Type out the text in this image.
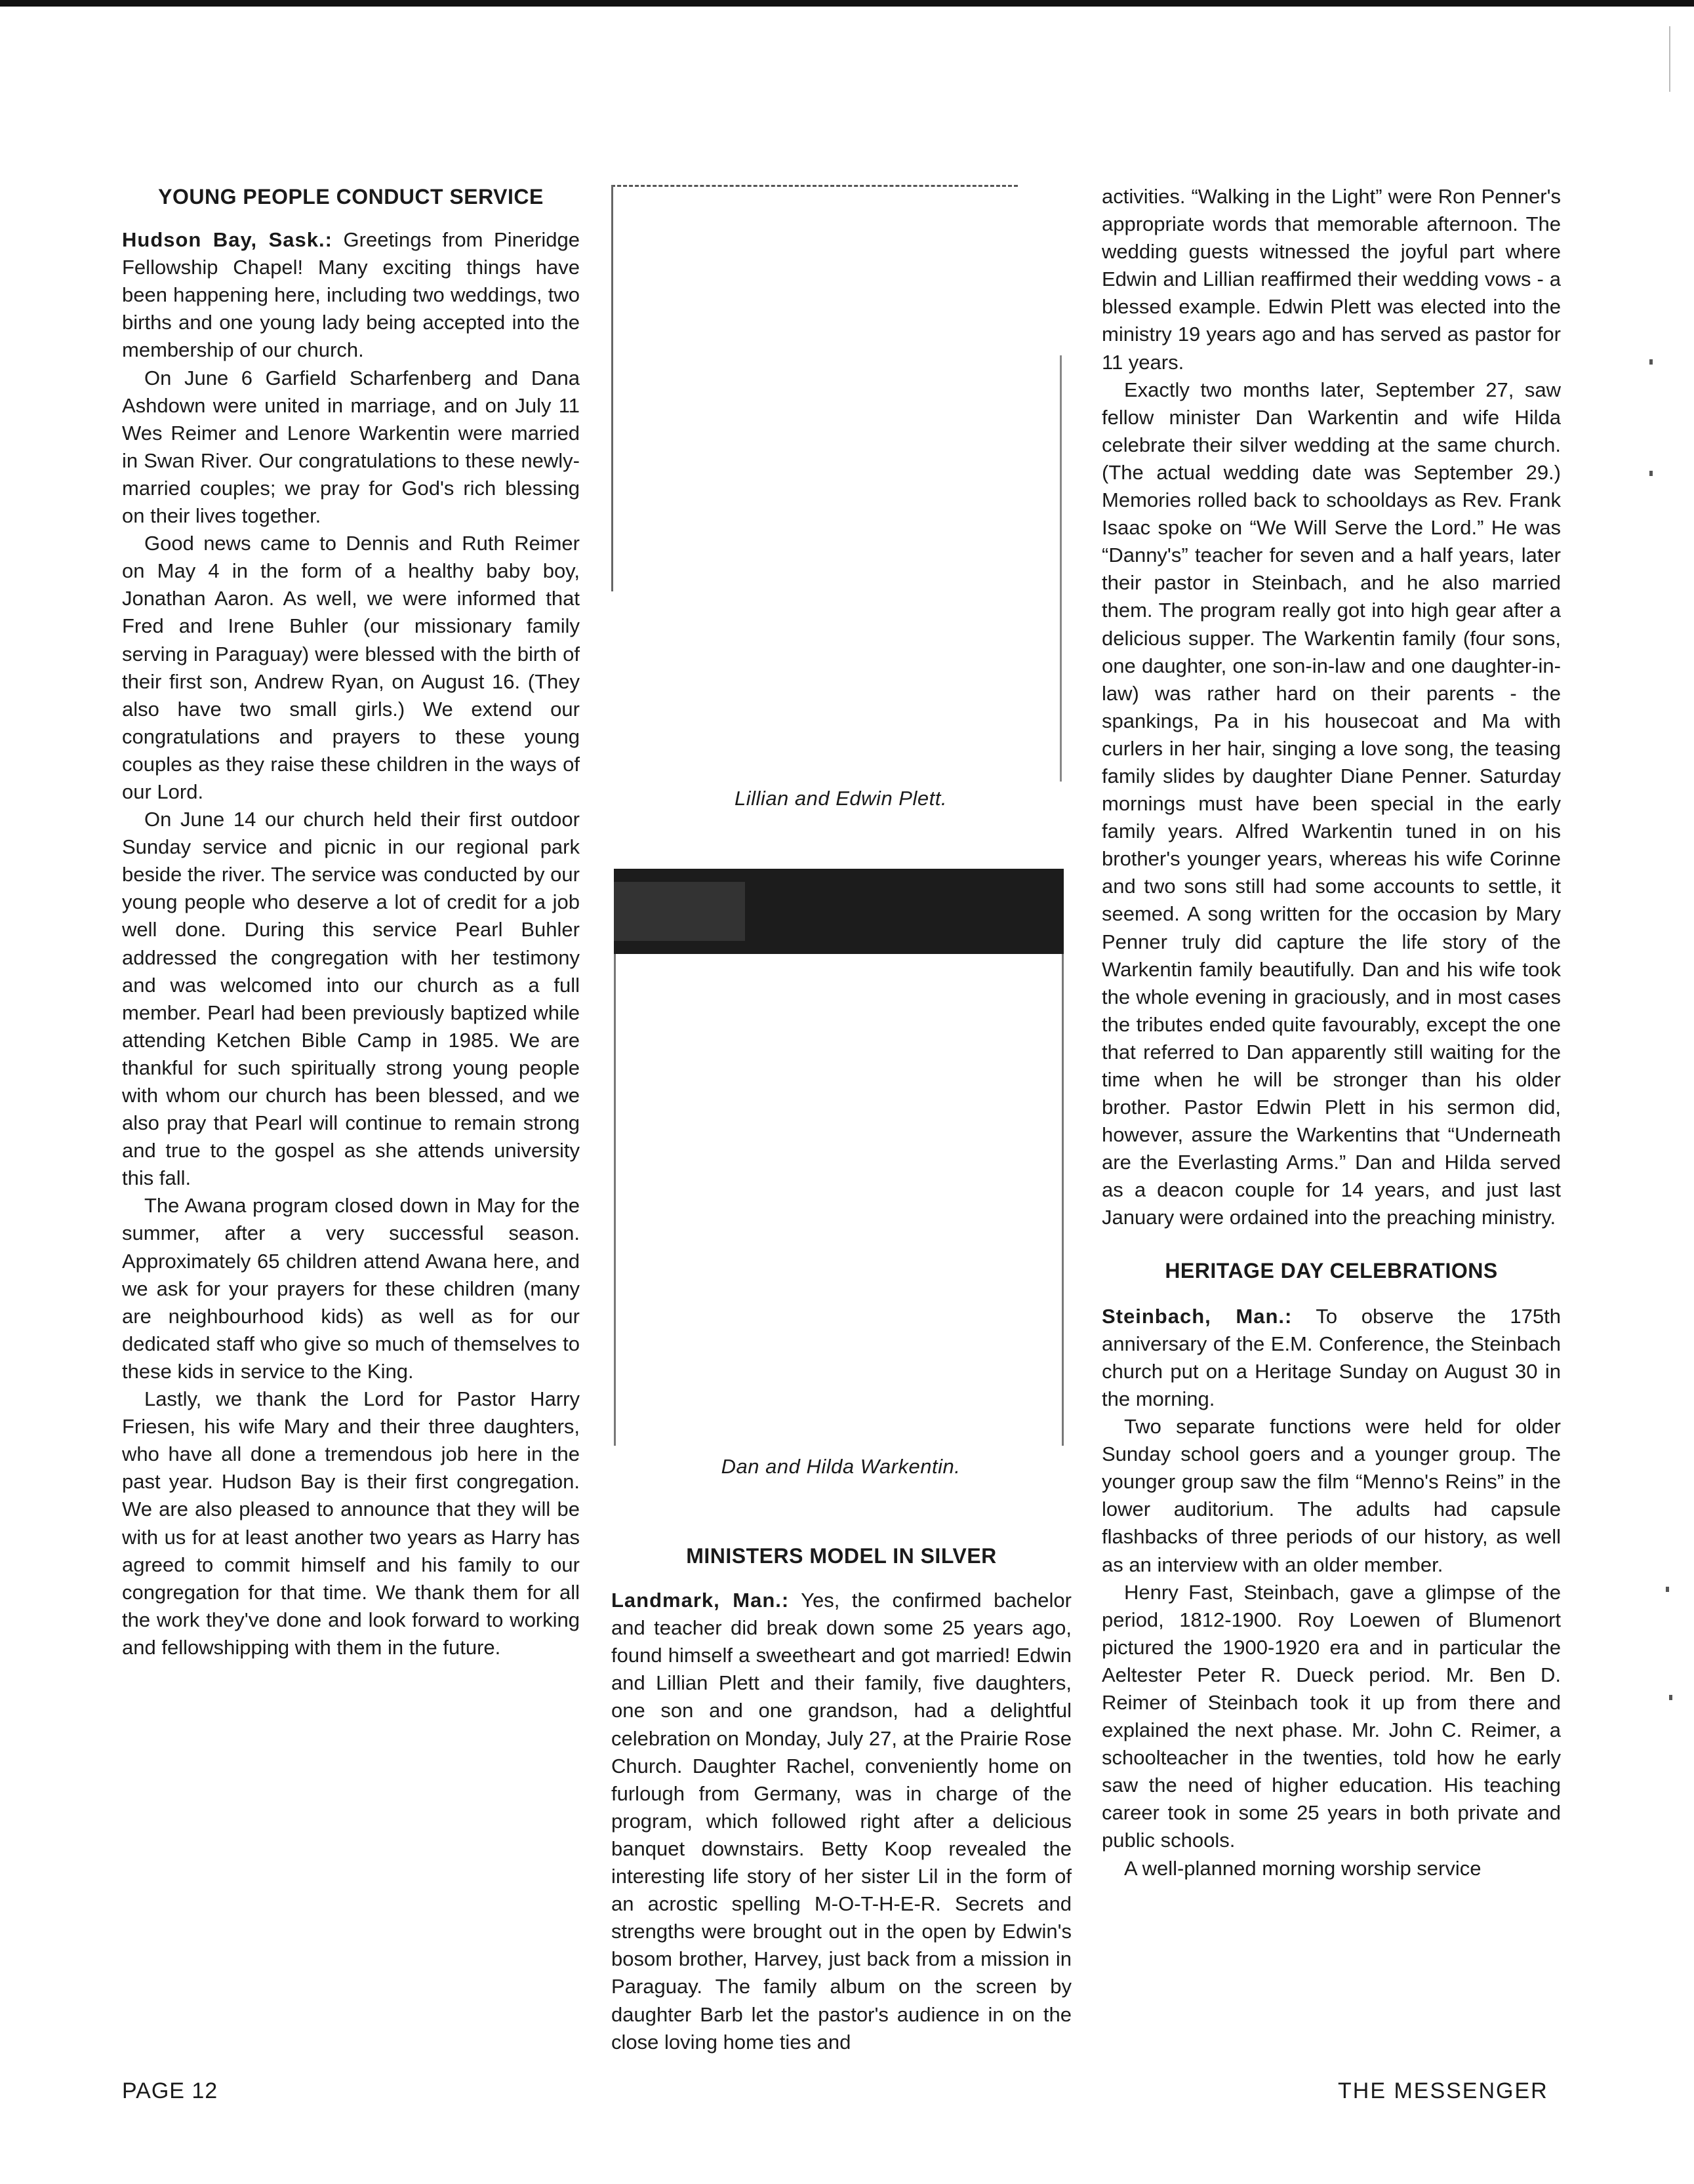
YOUNG PEOPLE CONDUCT SERVICE

Hudson Bay, Sask.: Greetings from Pineridge Fellowship Chapel! Many exciting things have been happening here, including two weddings, two births and one young lady being accepted into the membership of our church.

On June 6 Garfield Scharfenberg and Dana Ashdown were united in marriage, and on July 11 Wes Reimer and Lenore Warkentin were married in Swan River. Our congratulations to these newly-married couples; we pray for God's rich blessing on their lives together.

Good news came to Dennis and Ruth Reimer on May 4 in the form of a healthy baby boy, Jonathan Aaron. As well, we were informed that Fred and Irene Buhler (our missionary family serving in Paraguay) were blessed with the birth of their first son, Andrew Ryan, on August 16. (They also have two small girls.) We extend our congratulations and prayers to these young couples as they raise these children in the ways of our Lord.

On June 14 our church held their first outdoor Sunday service and picnic in our regional park beside the river. The service was conducted by our young people who deserve a lot of credit for a job well done. During this service Pearl Buhler addressed the congregation with her testimony and was welcomed into our church as a full member. Pearl had been previously baptized while attending Ketchen Bible Camp in 1985. We are thankful for such spiritually strong young people with whom our church has been blessed, and we also pray that Pearl will continue to remain strong and true to the gospel as she attends university this fall.

The Awana program closed down in May for the summer, after a very successful season. Approximately 65 children attend Awana here, and we ask for your prayers for these children (many are neighbourhood kids) as well as for our dedicated staff who give so much of themselves to these kids in service to the King.

Lastly, we thank the Lord for Pastor Harry Friesen, his wife Mary and their three daughters, who have all done a tremendous job here in the past year. Hudson Bay is their first congregation. We are also pleased to announce that they will be with us for at least another two years as Harry has agreed to commit himself and his family to our congregation for that time. We thank them for all the work they've done and look forward to working and fellowshipping with them in the future.

Lillian and Edwin Plett.
Dan and Hilda Warkentin.
MINISTERS MODEL IN SILVER

Landmark, Man.: Yes, the confirmed bachelor and teacher did break down some 25 years ago, found himself a sweetheart and got married! Edwin and Lillian Plett and their family, five daughters, one son and one grandson, had a delightful celebration on Monday, July 27, at the Prairie Rose Church. Daughter Rachel, conveniently home on furlough from Germany, was in charge of the program, which followed right after a delicious banquet downstairs. Betty Koop revealed the interesting life story of her sister Lil in the form of an acrostic spelling M-O-T-H-E-R. Secrets and strengths were brought out in the open by Edwin's bosom brother, Harvey, just back from a mission in Paraguay. The family album on the screen by daughter Barb let the pastor's audience in on the close loving home ties and

activities. “Walking in the Light” were Ron Penner's appropriate words that memorable afternoon. The wedding guests witnessed the joyful part where Edwin and Lillian reaffirmed their wedding vows - a blessed example. Edwin Plett was elected into the ministry 19 years ago and has served as pastor for 11 years.

Exactly two months later, September 27, saw fellow minister Dan Warkentin and wife Hilda celebrate their silver wedding at the same church. (The actual wedding date was September 29.) Memories rolled back to schooldays as Rev. Frank Isaac spoke on “We Will Serve the Lord.” He was “Danny's” teacher for seven and a half years, later their pastor in Steinbach, and he also married them. The program really got into high gear after a delicious supper. The Warkentin family (four sons, one daughter, one son-in-law and one daughter-in-law) was rather hard on their parents - the spankings, Pa in his housecoat and Ma with curlers in her hair, singing a love song, the teasing family slides by daughter Diane Penner. Saturday mornings must have been special in the early family years. Alfred Warkentin tuned in on his brother's younger years, whereas his wife Corinne and two sons still had some accounts to settle, it seemed. A song written for the occasion by Mary Penner truly did capture the life story of the Warkentin family beautifully. Dan and his wife took the whole evening in graciously, and in most cases the tributes ended quite favourably, except the one that referred to Dan apparently still waiting for the time when he will be stronger than his older brother. Pastor Edwin Plett in his sermon did, however, assure the Warkentins that “Underneath are the Everlasting Arms.” Dan and Hilda served as a deacon couple for 14 years, and just last January were ordained into the preaching ministry.

HERITAGE DAY CELEBRATIONS

Steinbach, Man.: To observe the 175th anniversary of the E.M. Conference, the Steinbach church put on a Heritage Sunday on August 30 in the morning.

Two separate functions were held for older Sunday school goers and a younger group. The younger group saw the film “Menno's Reins” in the lower auditorium. The adults had capsule flashbacks of three periods of our history, as well as an interview with an older member.

Henry Fast, Steinbach, gave a glimpse of the period, 1812-1900. Roy Loewen of Blumenort pictured the 1900-1920 era and in particular the Aeltester Peter R. Dueck period. Mr. Ben D. Reimer of Steinbach took it up from there and explained the next phase. Mr. John C. Reimer, a schoolteacher in the twenties, told how he early saw the need of higher education. His teaching career took in some 25 years in both private and public schools.

A well-planned morning worship service

PAGE 12	THE MESSENGER
